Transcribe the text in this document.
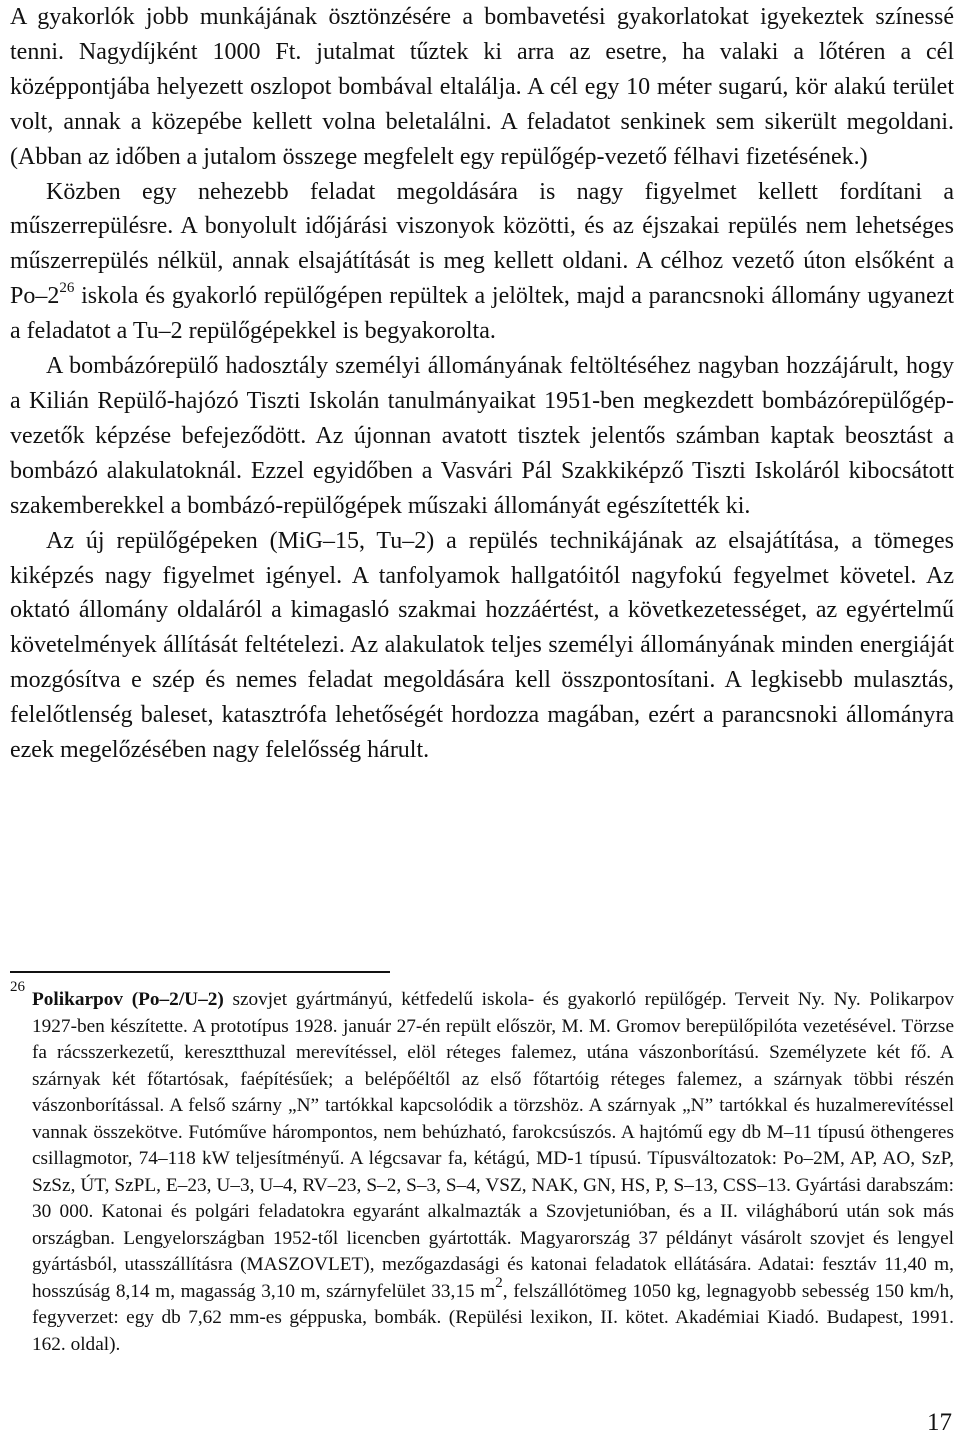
A gyakorlók jobb munkájának ösztönzésére a bombavetési gyakorlatokat igyekeztek színessé tenni. Nagydíjként 1000 Ft. jutalmat tűztek ki arra az esetre, ha valaki a lőtéren a cél középpontjába helyezett oszlopot bombával eltalálja. A cél egy 10 méter sugarú, kör alakú terület volt, annak a közepébe kellett volna beletalálni. A feladatot senkinek sem sikerült megoldani. (Abban az időben a jutalom összege megfelelt egy repülőgép-vezető félhavi fizetésének.)

Közben egy nehezebb feladat megoldására is nagy figyelmet kellett fordítani a műszerrepülésre. A bonyolult időjárási viszonyok közötti, és az éjszakai repülés nem lehetséges műszerrepülés nélkül, annak elsajátítását is meg kellett oldani. A célhoz vezető úton elsőként a $Po-2^{26}$ iskola és gyakorló repülőgépen repültek a jelöltek, majd a parancsnoki állomány ugyanezt a feladatot a Tu–2 repülőgépekkel is begyakorolta.

A bombázórepülő hadosztály személyi állományának feltöltéséhez nagyban hozzájárult, hogy a Kilián Repülő-hajózó Tiszti Iskolán tanulmányaikat 1951-ben megkezdett bombázórepülőgép-vezetők képzése befejeződött. Az újonnan avatott tisztek jelentős számban kaptak beosztást a bombázó alakulatoknál. Ezzel egyidőben a Vasvári Pál Szakkiképző Tiszti Iskoláról kibocsátott szakemberekkel a bombázó-repülőgépek műszaki állományát egészítették ki.

Az új repülőgépeken (MiG–15, Tu–2) a repülés technikájának az elsajátítása, a tömeges kiképzés nagy figyelmet igényel. A tanfolyamok hallgatóitól nagyfokú fegyelmet követel. Az oktató állomány oldaláról a kimagasló szakmai hozzáértést, a következetességet, az egyértelmű követelmények állítását feltételezi. Az alakulatok teljes személyi állományának minden energiáját mozgósítva e szép és nemes feladat megoldására kell összpontosítani. A legkisebb mulasztás, felelőtlenség baleset, katasztrófa lehetőségét hordozza magában, ezért a parancsnoki állományra ezek megelőzésében nagy felelősség hárult.

26
Polikarpov (Po–2/U–2) szovjet gyártmányú, kétfedelű iskola- és gyakorló repülőgép. Terveit Ny. Ny. Polikarpov 1927-ben készítette. A prototípus 1928. január 27-én repült először, M. M. Gromov berepülőpilóta vezetésével. Törzse fa rácsszerkezetű, keresztthuzal merevítéssel, elöl réteges falemez, utána vászonborítású. Személyzete két fő. A szárnyak két főtartósak, faépítésűek; a belépőéltől az első főtartóig réteges falemez, a szárnyak többi részén vászonborítással. A felső szárny „N” tartókkal kapcsolódik a törzshöz. A szárnyak „N” tartókkal és huzalmerevítéssel vannak összekötve. Futóműve hárompontos, nem behúzható, farokcsúszós. A hajtómű egy db M–11 típusú öthengeres csillagmotor, 74–118 kW teljesítményű. A légcsavar fa, kétágú, MD-1 típusú. Típusváltozatok: Po–2M, AP, AO, SzP, SzSz, ÚT, SzPL, E–23, U–3, U–4, RV–23, S–2, S–3, S–4, VSZ, NAK, GN, HS, P, S–13, CSS–13. Gyártási darabszám: 30 000. Katonai és polgári feladatokra egyaránt alkalmazták a Szovjetunióban, és a II. világháború után sok más országban. Lengyelországban 1952-től licencben gyártották. Magyarország 37 példányt vásárolt szovjet és lengyel gyártásból, utasszállításra (MASZOVLET), mezőgazdasági és katonai feladatok ellátására. Adatai: fesztáv 11,40 m, hosszúság 8,14 m, magasság 3,10 m, szárnyfelület 33,15 $m^2$, felszállótömeg 1050 kg, legnagyobb sebesség 150 km/h, fegyverzet: egy db 7,62 mm-es géppuska, bombák. (Repülési lexikon, II. kötet. Akadémiai Kiadó. Budapest, 1991. 162. oldal).

17
